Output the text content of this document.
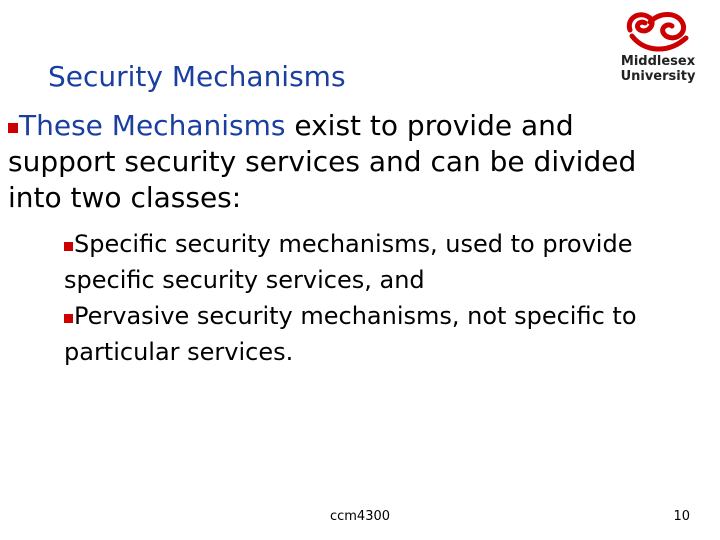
Security Mechanisms	Middlesex
University
These Mechanisms exist to provide and
support security services and can be divided
into two classes:

Specific security mechanisms, used to provide

specific security services, and

Pervasive security mechanisms, not specific to

particular services.

ccm4300	10
